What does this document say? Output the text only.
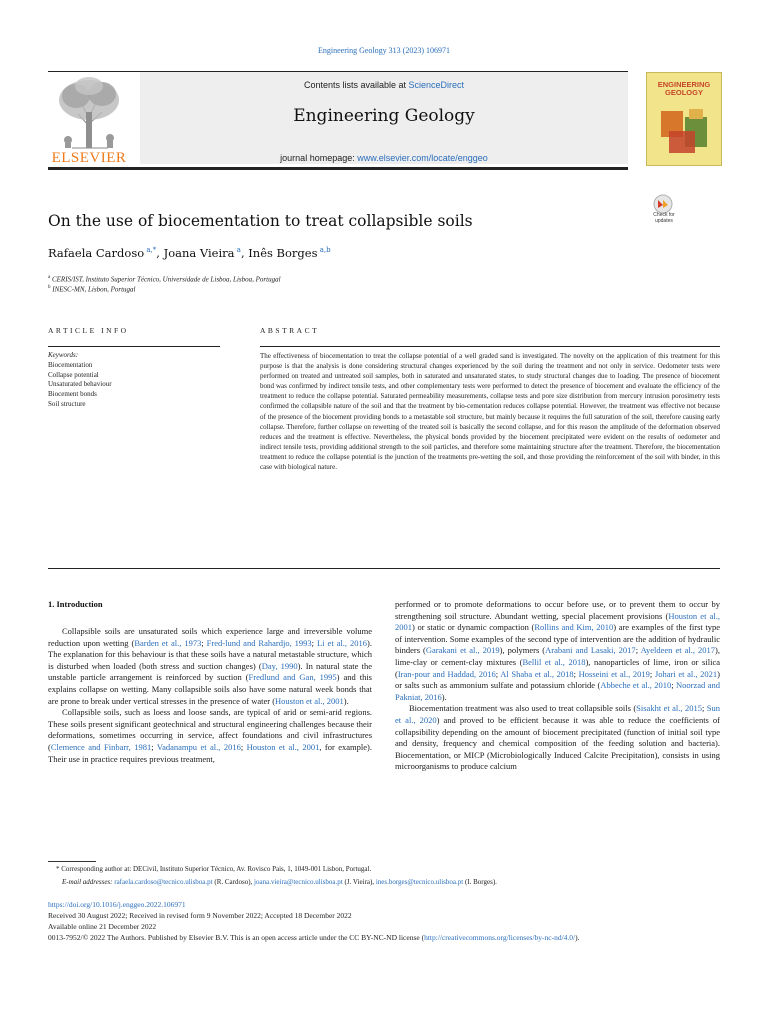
Engineering Geology 313 (2023) 106971
ELSEVIER
Contents lists available at ScienceDirect
Engineering Geology
journal homepage: www.elsevier.com/locate/enggeo
ENGINEERING
GEOLOGY
On the use of biocementation to treat collapsible soils	Check for
updates
Rafaela Cardoso $^{a,*}$, Joana Vieira $^a$, Inês Borges $^{a,b}$
$^a$ CERIS/IST, Instituto Superior Técnico, Universidade de Lisboa, Lisboa, Portugal
$^b$ INESC-MN, Lisbon, Portugal
ARTICLE INFO	ABSTRACT
Keywords:
Biocementation
Collapse potential
Unsaturated behaviour
Biocement bonds
Soil structure
The effectiveness of biocementation to treat the collapse potential of a well graded sand is investigated. The novelty on the application of this treatment for this purpose is that the analysis is done considering structural changes experienced by the soil during the treatment and not only in service. Oedometer tests were performed on treated and untreated soil samples, both in saturated and unsaturated states, to study structural changes due to loading. The presence of biocement bond was confirmed by indirect tensile tests, and other complementary tests were performed to detect the presence of biocement and evaluate the efficiency of the treatment to reduce the collapse potential. Saturated permeability measurements, collapse tests and pore size distribution from mercury intrusion porosimetry tests confirmed the collapsible nature of the soil and that the treatment by bio-cementation reduces collapse potential. However, the treatment was effective not because of the presence of the biocement providing bonds to a metastable soil structure, but mainly because it requires the full saturation of the soil, therefore causing early collapse. Therefore, further collapse on rewetting of the treated soil is basically the second collapse, and for this reason the amplitude of the deformation observed reduces and the treatment is effective. Nevertheless, the physical bonds provided by the biocement precipitated were evident on the results of oedometer and indirect tensile tests, providing additional strength to the soil particles, and therefore some maintaining structure after the treatment. Therefore, the biocementation treatment to reduce the collapse potential is the junction of the treatments pre-wetting the soil, and those providing the reinforcement of the soil with binder, in this case with biological nature.
1. Introduction

Collapsible soils are unsaturated soils which experience large and irreversible volume reduction upon wetting (Barden et al., 1973; Fred-lund and Rahardjo, 1993; Li et al., 2016). The explanation for this behaviour is that these soils have a natural metastable structure, which is disturbed when loaded (both stress and suction changes) (Day, 1990). In natural state the unstable particle arrangement is reinforced by suction (Fredlund and Gan, 1995) and this explains collapse on wetting. Many collapsible soils also have some natural week bonds that are prone to break under vertical stresses in the presence of water (Houston et al., 2001).

Collapsible soils, such as loess and loose sands, are typical of arid or semi-arid regions. These soils present significant geotechnical and structural engineering challenges because their deformations, sometimes occurring in service, affect foundations and civil infrastructures (Clemence and Finbarr, 1981; Vadanampu et al., 2016; Houston et al., 2001, for example). Their use in practice requires previous treatment,

performed or to promote deformations to occur before use, or to prevent them to occur by strengthening soil structure. Abundant wetting, special placement provisions (Houston et al., 2001) or static or dynamic compaction (Rollins and Kim, 2010) are examples of the first type of intervention. Some examples of the second type of intervention are the addition of hydraulic binders (Garakani et al., 2019), polymers (Arabani and Lasaki, 2017; Ayeldeen et al., 2017), lime-clay or cement-clay mixtures (Bellil et al., 2018), nanoparticles of lime, iron or silica (Iran-pour and Haddad, 2016; Al Shaba et al., 2018; Hosseini et al., 2019; Johari et al., 2021) or salts such as ammonium sulfate and potassium chloride (Abbeche et al., 2010; Noorzad and Pakniat, 2016).

Biocementation treatment was also used to treat collapsible soils (Sisakht et al., 2015; Sun et al., 2020) and proved to be efficient because it was able to reduce the coefficients of collapsibility depending on the amount of biocement precipitated (function of initial soil type and density, frequency and chemical composition of the feeding solution and bacteria). Biocementation, or MICP (Microbiologically Induced Calcite Precipitation), consists in using microorganisms to produce calcium

* Corresponding author at: DECivil, Instituto Superior Técnico, Av. Rovisco Pais, 1, 1049-001 Lisbon, Portugal.
E-mail addresses: rafaela.cardoso@tecnico.ulisboa.pt (R. Cardoso), joana.vieira@tecnico.ulisboa.pt (J. Vieira), ines.borges@tecnico.ulisboa.pt (I. Borges).
https://doi.org/10.1016/j.enggeo.2022.106971
Received 30 August 2022; Received in revised form 9 November 2022; Accepted 18 December 2022
Available online 21 December 2022
0013-7952/© 2022 The Authors. Published by Elsevier B.V. This is an open access article under the CC BY-NC-ND license (http://creativecommons.org/licenses/by-nc-nd/4.0/).
